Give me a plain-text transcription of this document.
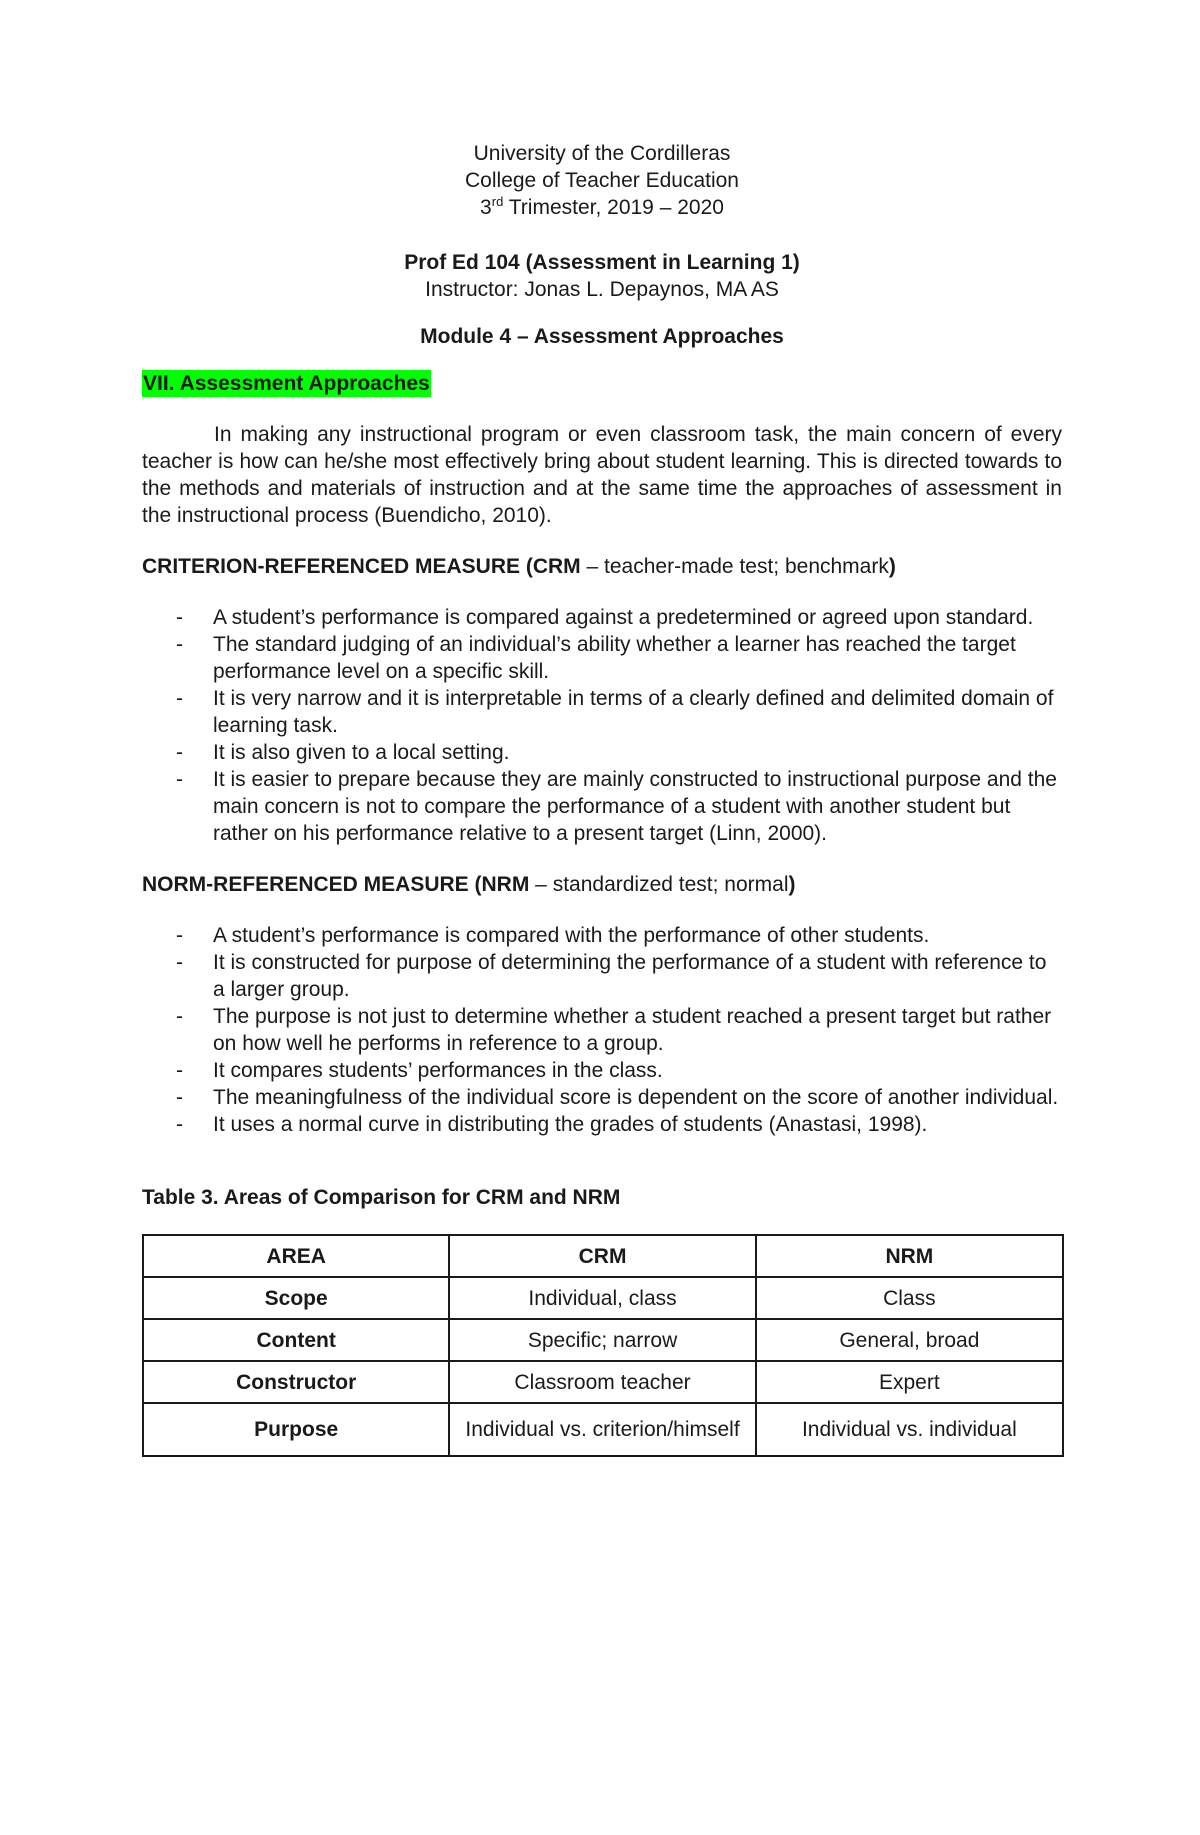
University of the Cordilleras
College of Teacher Education
3rd Trimester, 2019 – 2020
Prof Ed 104 (Assessment in Learning 1)
Instructor: Jonas L. Depaynos, MA AS
Module 4 – Assessment Approaches
VII. Assessment Approaches

In making any instructional program or even classroom task, the main concern of every teacher is how can he/she most effectively bring about student learning. This is directed towards to the methods and materials of instruction and at the same time the approaches of assessment in the instructional process (Buendicho, 2010).

CRITERION-REFERENCED MEASURE (CRM – teacher-made test; benchmark)

- A student’s performance is compared against a predetermined or agreed upon standard.
- The standard judging of an individual’s ability whether a learner has reached the target performance level on a specific skill.
- It is very narrow and it is interpretable in terms of a clearly defined and delimited domain of learning task.
- It is also given to a local setting.
- It is easier to prepare because they are mainly constructed to instructional purpose and the main concern is not to compare the performance of a student with another student but rather on his performance relative to a present target (Linn, 2000).

NORM-REFERENCED MEASURE (NRM – standardized test; normal)

- A student’s performance is compared with the performance of other students.
- It is constructed for purpose of determining the performance of a student with reference to a larger group.
- The purpose is not just to determine whether a student reached a present target but rather on how well he performs in reference to a group.
- It compares students’ performances in the class.
- The meaningfulness of the individual score is dependent on the score of another individual.
- It uses a normal curve in distributing the grades of students (Anastasi, 1998).

Table 3. Areas of Comparison for CRM and NRM

AREA	CRM	NRM
Scope	Individual, class	Class
Content	Specific; narrow	General, broad
Constructor	Classroom teacher	Expert
Purpose	Individual vs. criterion/himself	Individual vs. individual
